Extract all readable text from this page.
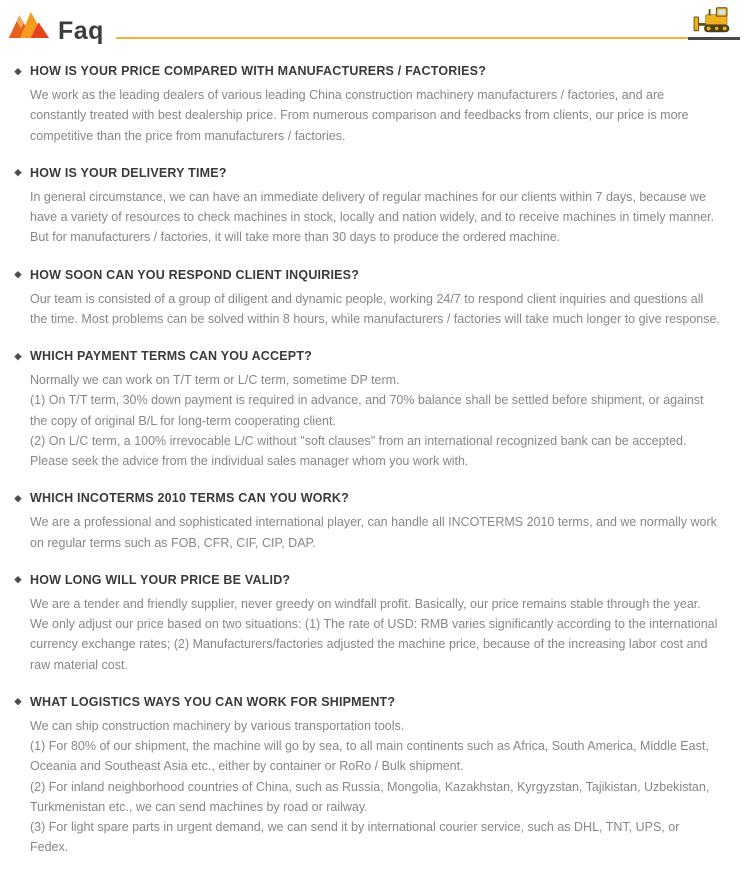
Faq
◆ HOW IS YOUR PRICE COMPARED WITH MANUFACTURERS / FACTORIES?
We work as the leading dealers of various leading China construction machinery manufacturers / factories, and are constantly treated with best dealership price. From numerous comparison and feedbacks from clients, our price is more competitive than the price from manufacturers / factories.
◆ HOW IS YOUR DELIVERY TIME?
In general circumstance, we can have an immediate delivery of regular machines for our clients within 7 days, because we have a variety of resources to check machines in stock, locally and nation widely, and to receive machines in timely manner. But for manufacturers / factories, it will take more than 30 days to produce the ordered machine.
◆ HOW SOON CAN YOU RESPOND CLIENT INQUIRIES?
Our team is consisted of a group of diligent and dynamic people, working 24/7 to respond client inquiries and questions all the time. Most problems can be solved within 8 hours, while manufacturers / factories will take much longer to give response.
◆ WHICH PAYMENT TERMS CAN YOU ACCEPT?
Normally we can work on T/T term or L/C term, sometime DP term.
(1) On T/T term, 30% down payment is required in advance, and 70% balance shall be settled before shipment, or against the copy of original B/L for long-term cooperating client.
(2) On L/C term, a 100% irrevocable L/C without "soft clauses" from an international recognized bank can be accepted. Please seek the advice from the individual sales manager whom you work with.
◆ WHICH INCOTERMS 2010 TERMS CAN YOU WORK?
We are a professional and sophisticated international player, can handle all INCOTERMS 2010 terms, and we normally work on regular terms such as FOB, CFR, CIF, CIP, DAP.
◆ HOW LONG WILL YOUR PRICE BE VALID?
We are a tender and friendly supplier, never greedy on windfall profit. Basically, our price remains stable through the year. We only adjust our price based on two situations: (1) The rate of USD: RMB varies significantly according to the international currency exchange rates; (2) Manufacturers/factories adjusted the machine price, because of the increasing labor cost and raw material cost.
◆ WHAT LOGISTICS WAYS YOU CAN WORK FOR SHIPMENT?
We can ship construction machinery by various transportation tools.
(1) For 80% of our shipment, the machine will go by sea, to all main continents such as Africa, South America, Middle East, Oceania and Southeast Asia etc., either by container or RoRo / Bulk shipment.
(2) For inland neighborhood countries of China, such as Russia, Mongolia, Kazakhstan, Kyrgyzstan, Tajikistan, Uzbekistan, Turkmenistan etc., we can send machines by road or railway.
(3) For light spare parts in urgent demand, we can send it by international courier service, such as DHL, TNT, UPS, or Fedex.
